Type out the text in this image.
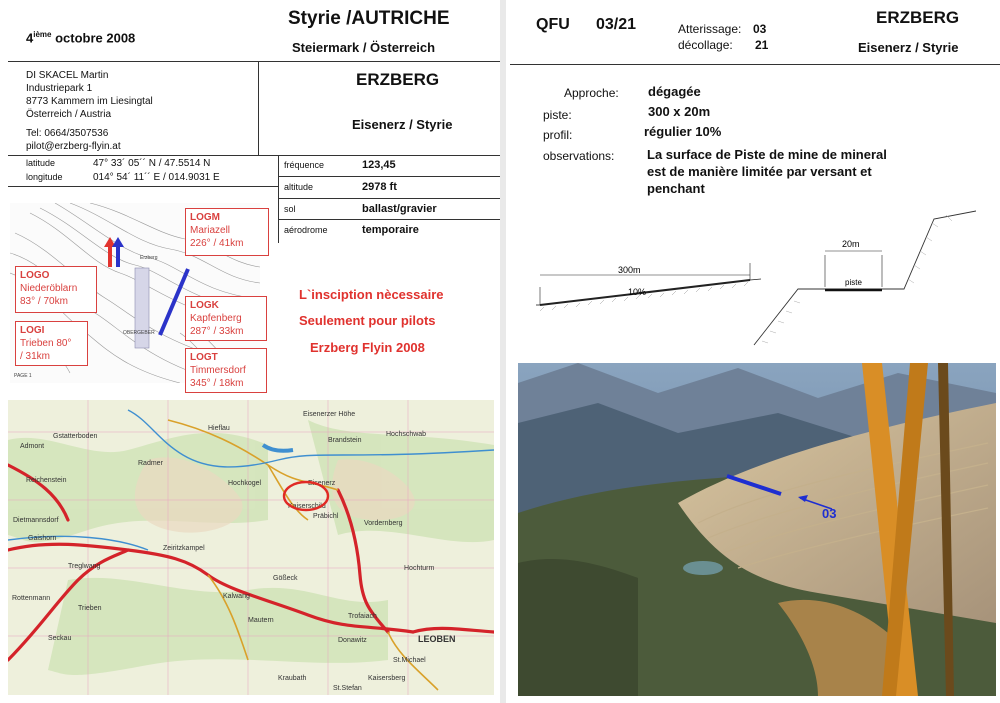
4ième octobre 2008
Styrie /AUTRICHE
Steiermark / Österreich
DI SKACEL Martin
Industriepark 1
8773 Kammern im Liesingtal
Österreich / Austria
Tel: 0664/3507536
pilot@erzberg-flyin.at
ERZBERG
Eisenerz / Styrie
latitude	47° 33´ 05´´ N / 47.5514 N
longitude	014° 54´ 11´´ E / 014.9031 E
fréquence	123,45
altitude	2978 ft
sol	ballast/gravier
aérodrome	temporaire
Erzberg
OBERGEBER
PAGE 1
LOGM
Mariazell
226° / 41km
LOGO
Niederöblarn
83° / 70km	LOGK
Kapfenberg
287° / 33km
LOGI
Trieben 80°
/ 31km	LOGT
Timmersdorf
345° / 18km
L`insciption nècessaire
Seulement pour pilots
Erzberg Flyin 2008
Admont
Hieflau
Eisenerzer Höhe
Hochschwab
Gstatterboden
Hochkogel
Brandstein
Eisenerz
Reichenstein
Kaiserschild
Radmer
Präbichl
Trofaiach
Vordernberg
LEOBEN
Donawitz
Kalwang
Mautern
Gaishorn
Treglwang
Seckau
Kraubath
St.Michael
St.Stefan
Kaisersberg
Hochturm
Gößeck
Zeiritzkampel
Dietmannsdorf
Rottenmann
Trieben
QFU 03/21	Atterissage: 03
décollage: 21
ERZBERG
Eisenerz / Styrie
Approche: dégagée
piste:	300 x 20m
profil:	régulier 10%
observations:	La surface de Piste de mine de mineral
est de manière limitée par versant et
penchant
300m
10%
20m
piste
03
